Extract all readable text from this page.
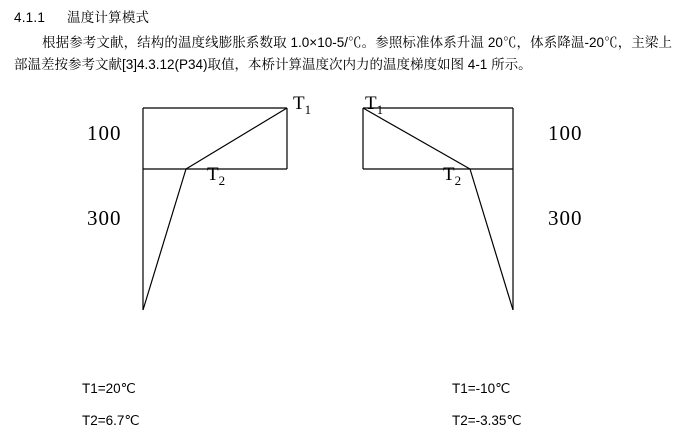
4.1.1 温度计算模式
根据参考文献，结构的温度线膨胀系数取 1.0×10-5/℃。参照标准体系升温 20℃，体系降温-20℃，主梁上部温差按参考文献[3]4.3.12(P34)取值，本桥计算温度次内力的温度梯度如图 4-1 所示。
$T_1$
$T_2$
100
300
$T_1$
$T_2$
100
300
T1=20℃
T2=6.7℃
T1=-10℃
T2=-3.35℃
